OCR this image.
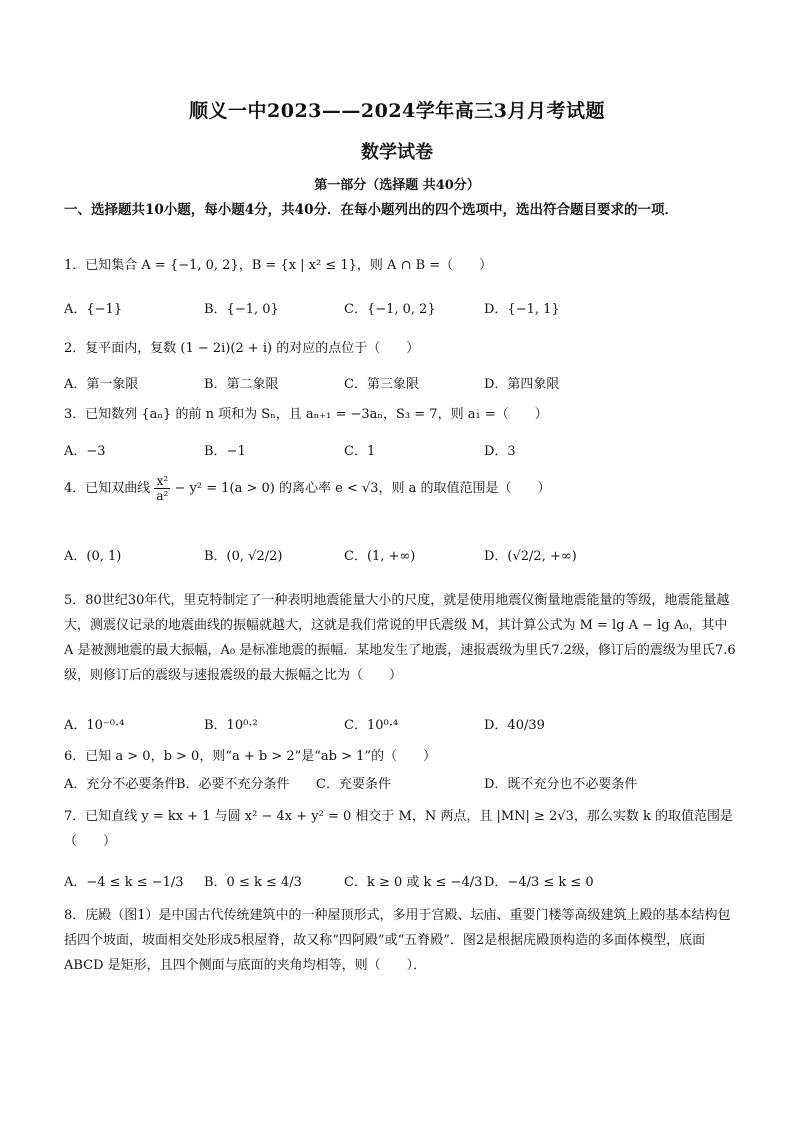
顺义一中2023——2024学年高三3月月考试题
数学试卷
第一部分（选择题 共40分）
一、选择题共10小题，每小题4分，共40分．在每小题列出的四个选项中，选出符合题目要求的一项．
1．已知集合 A = {−1, 0, 2}，B = {x | x² ≤ 1}，则 A ∩ B =（　　）
A．{−1}	B．{−1, 0}	C．{−1, 0, 2}	D．{−1, 1}
2．复平面内，复数 (1 − 2i)(2 + i) 的对应的点位于（　　）
A．第一象限	B．第二象限	C．第三象限	D．第四象限
3．已知数列 {aₙ} 的前 n 项和为 Sₙ，且 aₙ₊₁ = −3aₙ，S₃ = 7，则 a₁ =（　　）
A．−3	B．−1	C．1	D．3
4．已知双曲线 $\frac{\text{x²}}{\text{a²}} - y^2 = 1(a > 0)$ 的离心率 e < √3，则 a 的取值范围是（　　）
A．(0, 1)	B．(0, √2/2)	C．(1, +∞)	D．(√2/2, +∞)
5．80世纪30年代，里克特制定了一种表明地震能量大小的尺度，就是使用地震仪衡量地震能量的等级，地震能量越大，测震仪记录的地震曲线的振幅就越大，这就是我们常说的甲氏震级 M，其计算公式为 M = lg A − lg A₀，其中 A 是被测地震的最大振幅，A₀ 是标准地震的振幅．某地发生了地震，速报震级为里氏7.2级，修订后的震级为里氏7.6级，则修订后的震级与速报震级的最大振幅之比为（　　）
A．10⁻⁰·⁴	B．10⁰·²	C．10⁰·⁴	D．40/39
6．已知 a > 0，b > 0，则“a + b > 2”是“ab > 1”的（　　）
A．充分不必要条件
B．必要不充分条件 C．充要条件	D．既不充分也不必要条件
7．已知直线 y = kx + 1 与圆 x² − 4x + y² = 0 相交于 M，N 两点，且 |MN| ≥ 2√3，那么实数 k 的取值范围是（　　）
A．−4 ≤ k ≤ −1/3 B．0 ≤ k ≤ 4/3	C．k ≥ 0 或 k ≤ −4/3 D．−4/3 ≤ k ≤ 0
8．庑殿（图1）是中国古代传统建筑中的一种屋顶形式，多用于宫殿、坛庙、重要门楼等高级建筑上殿的基本结构包括四个坡面，坡面相交处形成5根屋脊，故又称“四阿殿”或“五脊殿”．图2是根据庑殿顶构造的多面体模型，底面 ABCD 是矩形，且四个侧面与底面的夹角均相等，则（　　）．
